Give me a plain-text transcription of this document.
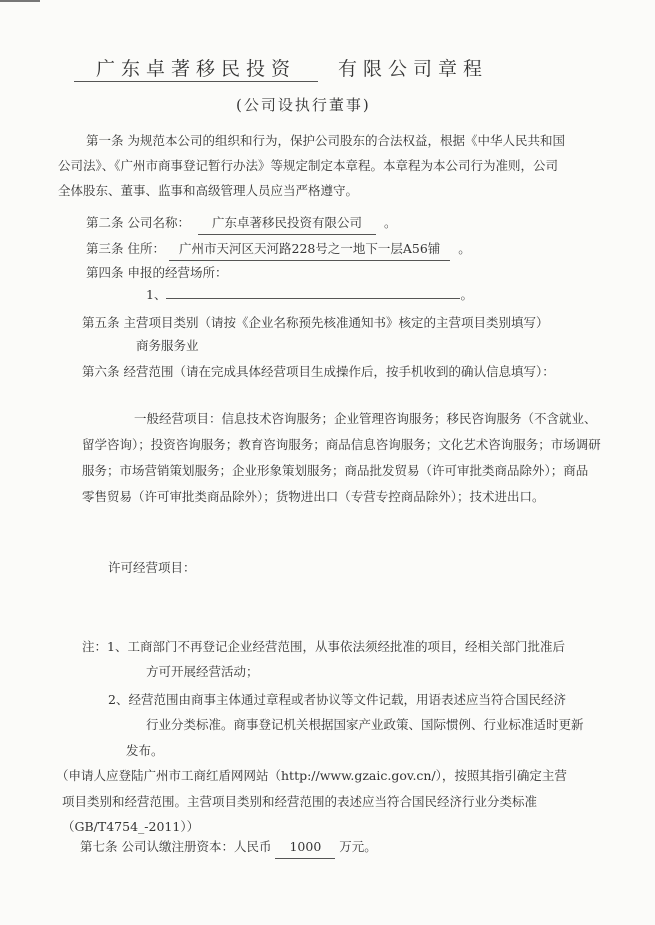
广东卓著移民投资 有限公司章程
(公司设执行董事)
第一条 为规范本公司的组织和行为，保护公司股东的合法权益，根据《中华人民共和国
公司法》、《广州市商事登记暂行办法》等规定制定本章程。本章程为本公司行为准则，公司
全体股东、董事、监事和高级管理人员应当严格遵守。
第二条 公司名称： 广东卓著移民投资有限公司 。
第三条 住所： 广州市天河区天河路228号之一地下一层A56铺 。
第四条 申报的经营场所：
1、	。
第五条 主营项目类别（请按《企业名称预先核准通知书》核定的主营项目类别填写）
商务服务业
第六条 经营范围（请在完成具体经营项目生成操作后，按手机收到的确认信息填写）：
一般经营项目：信息技术咨询服务；企业管理咨询服务；移民咨询服务（不含就业、
留学咨询）；投资咨询服务；教育咨询服务；商品信息咨询服务；文化艺术咨询服务；市场调研
服务；市场营销策划服务；企业形象策划服务；商品批发贸易（许可审批类商品除外）；商品
零售贸易（许可审批类商品除外）；货物进出口（专营专控商品除外）；技术进出口。
许可经营项目：
注：1、工商部门不再登记企业经营范围，从事依法须经批准的项目，经相关部门批准后
方可开展经营活动；
2、经营范围由商事主体通过章程或者协议等文件记载，用语表述应当符合国民经济
行业分类标准。商事登记机关根据国家产业政策、国际惯例、行业标准适时更新
发布。
（申请人应登陆广州市工商红盾网网站（http://www.gzaic.gov.cn/），按照其指引确定主营
项目类别和经营范围。主营项目类别和经营范围的表述应当符合国民经济行业分类标准
（GB/T4754_-2011））
第七条 公司认缴注册资本：人民币 1000 万元。
